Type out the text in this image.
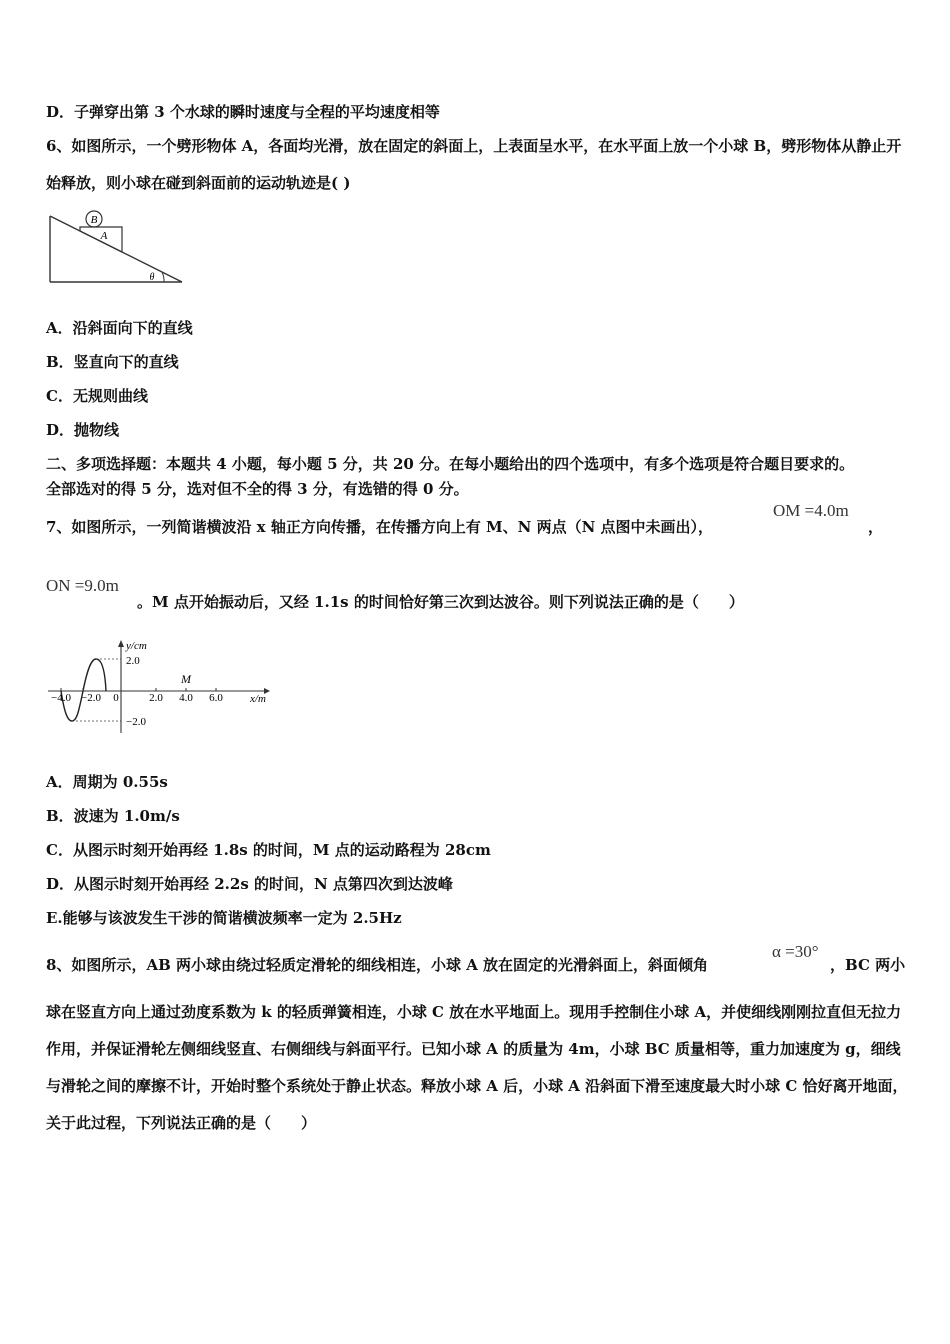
D．子弹穿出第 3 个水球的瞬时速度与全程的平均速度相等
6、如图所示，一个劈形物体 A，各面均光滑，放在固定的斜面上，上表面呈水平，在水平面上放一个小球 B，劈形物体从静止开始释放，则小球在碰到斜面前的运动轨迹是( )
B
A
θ
A．沿斜面向下的直线
B．竖直向下的直线
C．无规则曲线
D．抛物线
二、多项选择题：本题共 4 小题，每小题 5 分，共 20 分。在每小题给出的四个选项中，有多个选项是符合题目要求的。
全部选对的得 5 分，选对但不全的得 3 分，有选错的得 0 分。
7、如图所示，一列简谐横波沿 x 轴正方向传播，在传播方向上有 M、N 两点（N 点图中未画出），
OM =4.0m
，
ON =9.0m
。M 点开始振动后，又经 1.1s 的时间恰好第三次到达波谷。则下列说法正确的是（　　）
y/cm
2.0
−2.0
−4.0 −2.0 0	2.0 4.0 6.0 x/m
M
A．周期为 0.55s
B．波速为 1.0m/s
C．从图示时刻开始再经 1.8s 的时间，M 点的运动路程为 28cm
D．从图示时刻开始再经 2.2s 的时间，N 点第四次到达波峰
E.能够与该波发生干涉的简谐横波频率一定为 2.5Hz
8、如图所示，AB 两小球由绕过轻质定滑轮的细线相连，小球 A 放在固定的光滑斜面上，斜面倾角
α =30°
，BC 两小
球在竖直方向上通过劲度系数为 k 的轻质弹簧相连，小球 C 放在水平地面上。现用手控制住小球 A，并使细线刚刚拉直但无拉力作用，并保证滑轮左侧细线竖直、右侧细线与斜面平行。已知小球 A 的质量为 4m，小球 BC 质量相等，重力加速度为 g，细线与滑轮之间的摩擦不计，开始时整个系统处于静止状态。释放小球 A 后，小球 A 沿斜面下滑至速度最大时小球 C 恰好离开地面，关于此过程，下列说法正确的是（　　）
